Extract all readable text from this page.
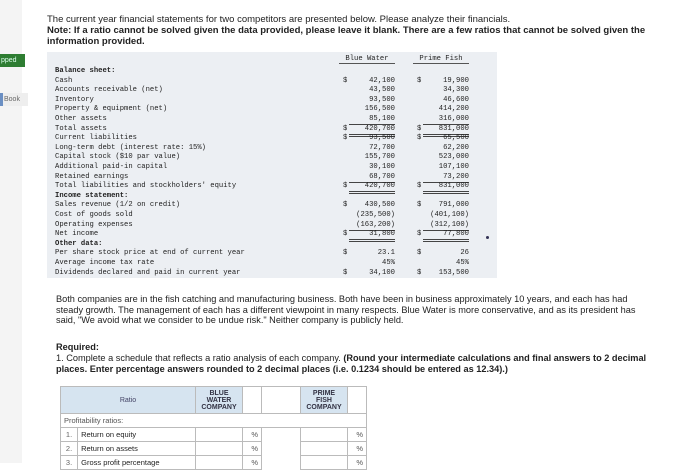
pped
Book
The current year financial statements for two competitors are presented below. Please analyze their financials.
Note: If a ratio cannot be solved given the data provided, please leave it blank. There are a few ratios that cannot be solved given the information provided.
Blue Water	Prime Fish
Balance sheet:
Cash	$	42,100	$	19,900
Accounts receivable (net)	43,500	34,300
Inventory	93,500	46,600
Property & equipment (net)	156,500	414,200
Other assets	85,100	316,000
Total assets	$	420,700	$	831,000
Current liabilities	$	93,500	$	65,500
Long-term debt (interest rate: 15%)	72,700	62,200
Capital stock ($10 par value)	155,700	523,000
Additional paid-in capital	30,100	107,100
Retained earnings	68,700	73,200
Total liabilities and stockholders' equity	$	420,700	$	831,000
Income statement:
Sales revenue (1/2 on credit)	$	430,500	$	791,000
Cost of goods sold	(235,500)	(401,100)
Operating expenses	(163,200)	(312,100)
Net income	$	31,800	$	77,800
Other data:
Per share stock price at end of current year	$	23.1	$	26
Average income tax rate	45%	45%
Dividends declared and paid in current year	$	34,100	$	153,500
Both companies are in the fish catching and manufacturing business. Both have been in business approximately 10 years, and each has had steady growth. The management of each has a different viewpoint in many respects. Blue Water is more conservative, and as its president has said, "We avoid what we consider to be undue risk." Neither company is publicly held.
Required:
1. Complete a schedule that reflects a ratio analysis of each company. (Round your intermediate calculations and final answers to 2 decimal places. Enter percentage answers rounded to 2 decimal places (i.e. 0.1234 should be entered as 12.34).)
Ratio		BLUE WATER COMPANY			PRIME FISH COMPANY	
Profitability ratios:						
1.	Return on equity		%			%
2.	Return on assets		%			%
3.	Gross profit percentage		%			%
